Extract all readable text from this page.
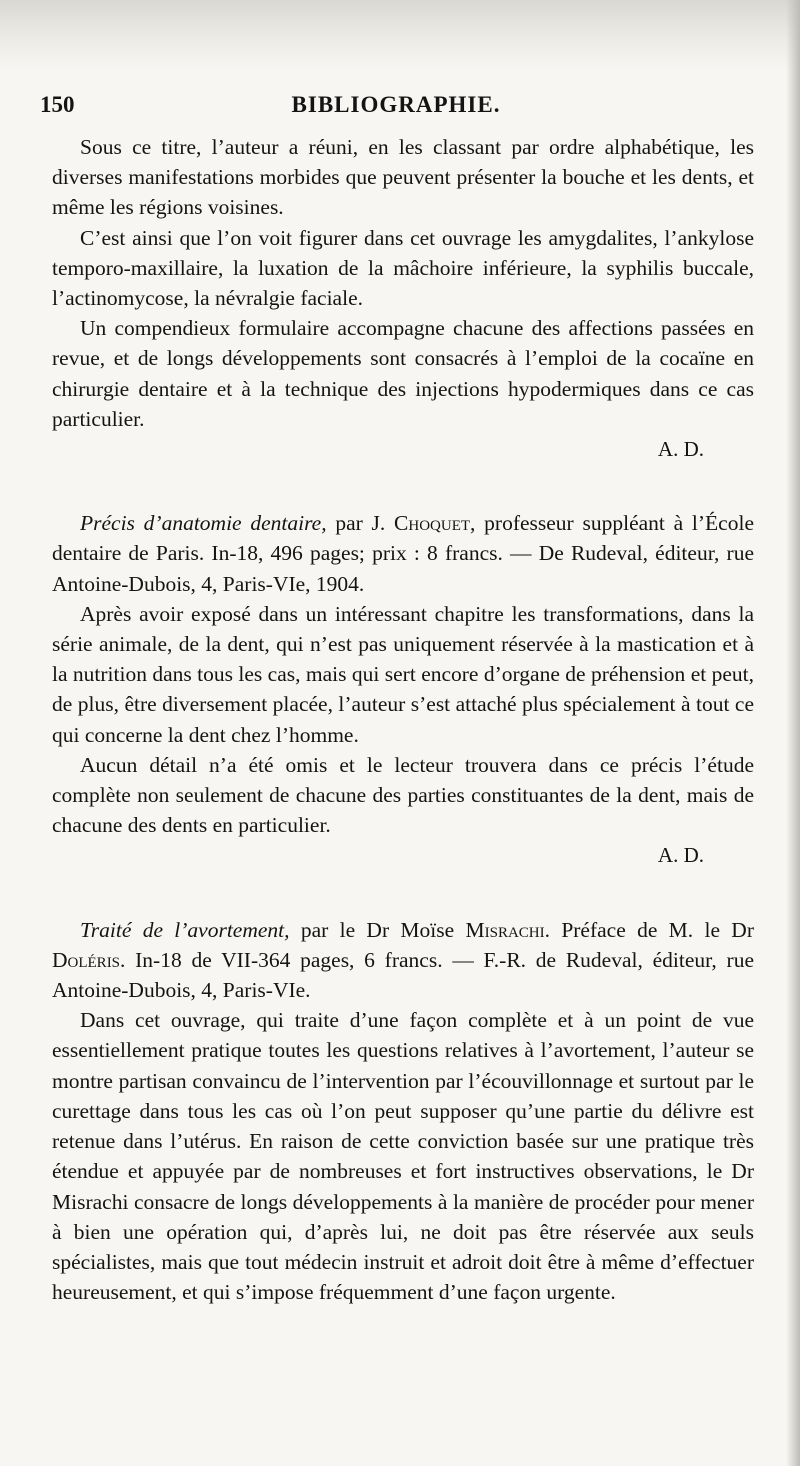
150	BIBLIOGRAPHIE.

Sous ce titre, l’auteur a réuni, en les classant par ordre alphabétique, les diverses manifestations morbides que peuvent présenter la bouche et les dents, et même les régions voisines.

C’est ainsi que l’on voit figurer dans cet ouvrage les amygdalites, l’ankylose temporo-maxillaire, la luxation de la mâchoire inférieure, la syphilis buccale, l’actinomycose, la névralgie faciale.

Un compendieux formulaire accompagne chacune des affections passées en revue, et de longs développements sont consacrés à l’emploi de la cocaïne en chirurgie dentaire et à la technique des injections hypodermiques dans ce cas particulier.

A. D.

Précis d’anatomie dentaire, par J. Choquet, professeur suppléant à l’École dentaire de Paris. In-18, 496 pages; prix : 8 francs. — De Rudeval, éditeur, rue Antoine-Dubois, 4, Paris-VIe, 1904.

Après avoir exposé dans un intéressant chapitre les transformations, dans la série animale, de la dent, qui n’est pas uniquement réservée à la mastication et à la nutrition dans tous les cas, mais qui sert encore d’organe de préhension et peut, de plus, être diversement placée, l’auteur s’est attaché plus spécialement à tout ce qui concerne la dent chez l’homme.

Aucun détail n’a été omis et le lecteur trouvera dans ce précis l’étude complète non seulement de chacune des parties constituantes de la dent, mais de chacune des dents en particulier.

A. D.

Traité de l’avortement, par le Dr Moïse Misrachi. Préface de M. le Dr Doléris. In-18 de VII-364 pages, 6 francs. — F.-R. de Rudeval, éditeur, rue Antoine-Dubois, 4, Paris-VIe.

Dans cet ouvrage, qui traite d’une façon complète et à un point de vue essentiellement pratique toutes les questions relatives à l’avortement, l’auteur se montre partisan convaincu de l’intervention par l’écouvillonnage et surtout par le curettage dans tous les cas où l’on peut supposer qu’une partie du délivre est retenue dans l’utérus. En raison de cette conviction basée sur une pratique très étendue et appuyée par de nombreuses et fort instructives observations, le Dr Misrachi consacre de longs développements à la manière de procéder pour mener à bien une opération qui, d’après lui, ne doit pas être réservée aux seuls spécialistes, mais que tout médecin instruit et adroit doit être à même d’effectuer heureusement, et qui s’impose fréquemment d’une façon urgente.
